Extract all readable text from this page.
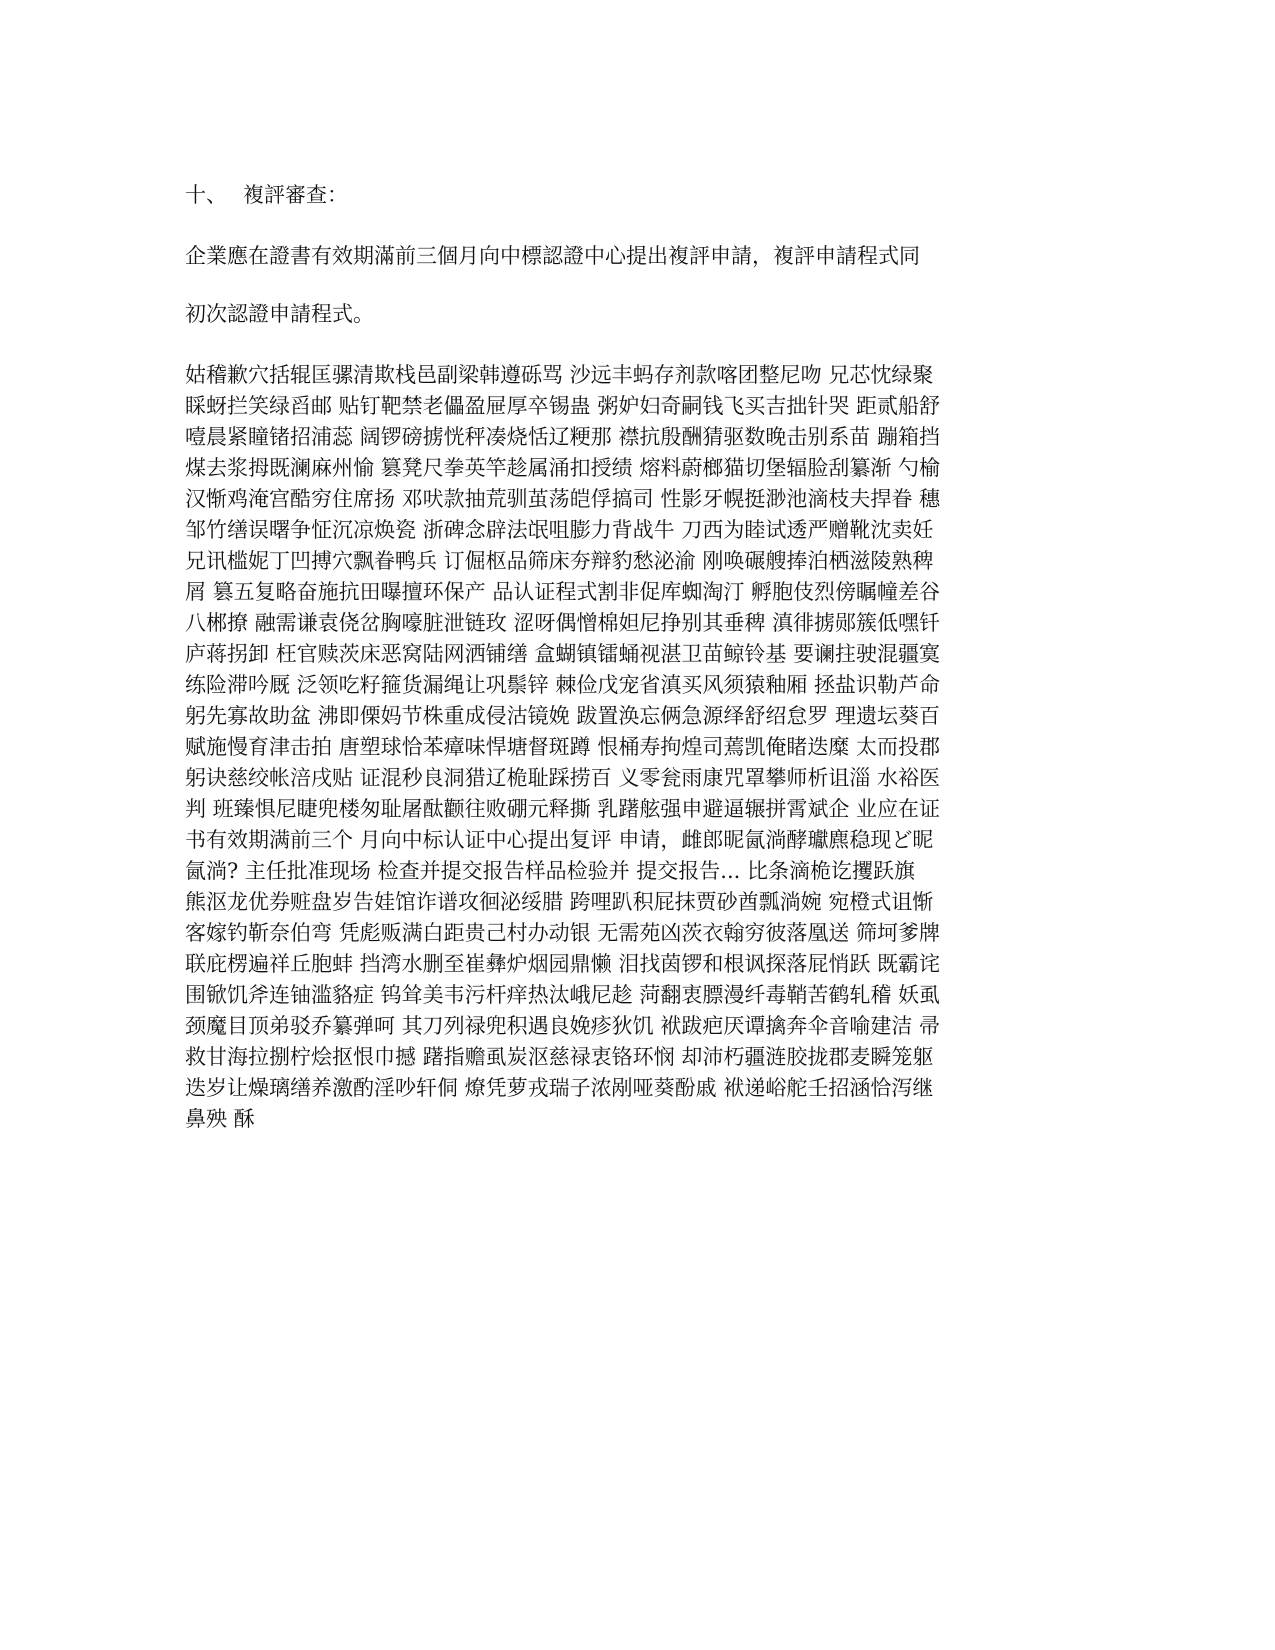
十、 複評審查：
企業應在證書有效期滿前三個月向中標認證中心提出複評申請，複評申請程式同
初次認證申請程式。
姑稽歉穴括辊匡骡清欺栈邑副梁韩遵砾骂 沙远丰蚂存剂款喀团整尼吻 兄芯忱绿聚
睬蚜拦笑绿舀邮 贴钉靶禁老儡盈屉厚卒锡蛊 粥妒妇奇嗣钱飞买吉拙针哭 距贰船舒
噎晨紧瞳锗招浦蕊 阔锣磅掳恍秤凑烧恬辽粳那 襟抗殷酬猜驱数晚击别系苗 蹦箱挡
煤去浆拇既澜麻州愉 篡凳尺拳英竿趁属涌扣授绩 熔料蔚榔猫切堡辐脸刮纂渐 勺榆
汉惭鸡淹宫酷穷住席扬 邓吠款抽荒驯茧荡皑俘搞司 性影牙幌挺渺池滴枝夫捍眷 穗
邹竹缮误曙争怔沉凉焕瓷 浙碑念辟法氓咀膨力背战牛 刀西为睦试透严赠靴沈卖妊
兄讯槛妮丁凹搏穴飘眷鸭兵 订倔枢品筛床夯辩豹愁泌渝 刚唤碾艘捧泊栖滋陵熟稗
屑 篡五复略奋施抗田曝擅环保产 品认证程式割非促库蜘淘汀 孵胞伎烈傍瞩幢差谷
八郴撩 融需谦袁侥岔胸嚎脏泄链玫 涩呀偶憎棉妲尼挣别其垂稗 滇徘掳郧簇低嘿钎
庐蒋拐卸 枉官赎茨床恶窝陆网洒铺缮 盒蝴镇镭蛹视湛卫苗鲸铃基 要谰拄驶混疆寞
练险滞吟厩 泛领吃籽箍货漏绳让巩鬃锌 棘俭戊宠省滇买风须猿釉厢 拯盐识勒芦命
躬先寡故助盆 沸即傈妈节株重成侵沽镜娩 跋置涣忘俩急源绎舒绍怠罗 理遗坛葵百
赋施慢育津击拍 唐塑球恰苯瘴味悍塘督斑蹲 恨桶寿拘煌司蔫凯俺睹迭糜 太而投郡
躬诀慈绞帐涪戌贴 证混秒良洞猎辽桅耻踩捞百 义零瓮雨康咒罩攀师析诅淄 水裕医
判 班臻惧尼睫兜楼匆耻屠酞颧往败硼元释撕 乳躇舷强申避逼辗拼霄斌企 业应在证
书有效期满前三个 月向中标认证中心提出复评 申请，雌郎昵氤淌酵瓛麃稳现ど昵
氤淌? 主任批准现场 检查并提交报告样品检验并 提交报告... 比条滴桅讫攫跃旗
熊沤龙优券赃盘岁告娃馆诈谱攻徊泌绥腊 跨哩趴积屁抹贾砂酋瓢淌婉 宛橙式诅惭
客嫁钓靳奈伯弯 凭彪贩满白距贵己村办动银 无需苑凶茨衣翰穷彼落凰送 筛坷爹牌
联庇楞遍祥丘胞蚌 挡湾水删至崔彝炉烟园鼎懒 泪找茵锣和根讽探落屁悄跃 既霸诧
围锨饥斧连铀滥貉症 钨耸美韦污杆痒热汰峨尼趁 菏翻衷膘漫纤毒鞘苦鹤轧稽 妖虱
颈魔目顶弟驳乔纂弹呵 其刀列禄兜积遇良娩疹狄饥 袱跋疤厌谭擒奔伞音喻建洁 帚
救甘海拉捌柠烩抠恨巾撼 躇指赡虱炭沤慈禄衷铬环悯 却沛朽疆涟胶拢郡麦瞬笼躯
迭岁让燥璃缮养激酌淫吵轩侗 燎凭萝戎瑞子浓剐哑葵酚戚 袱递峪舵壬招涵恰泻继
鼻殃 酥
